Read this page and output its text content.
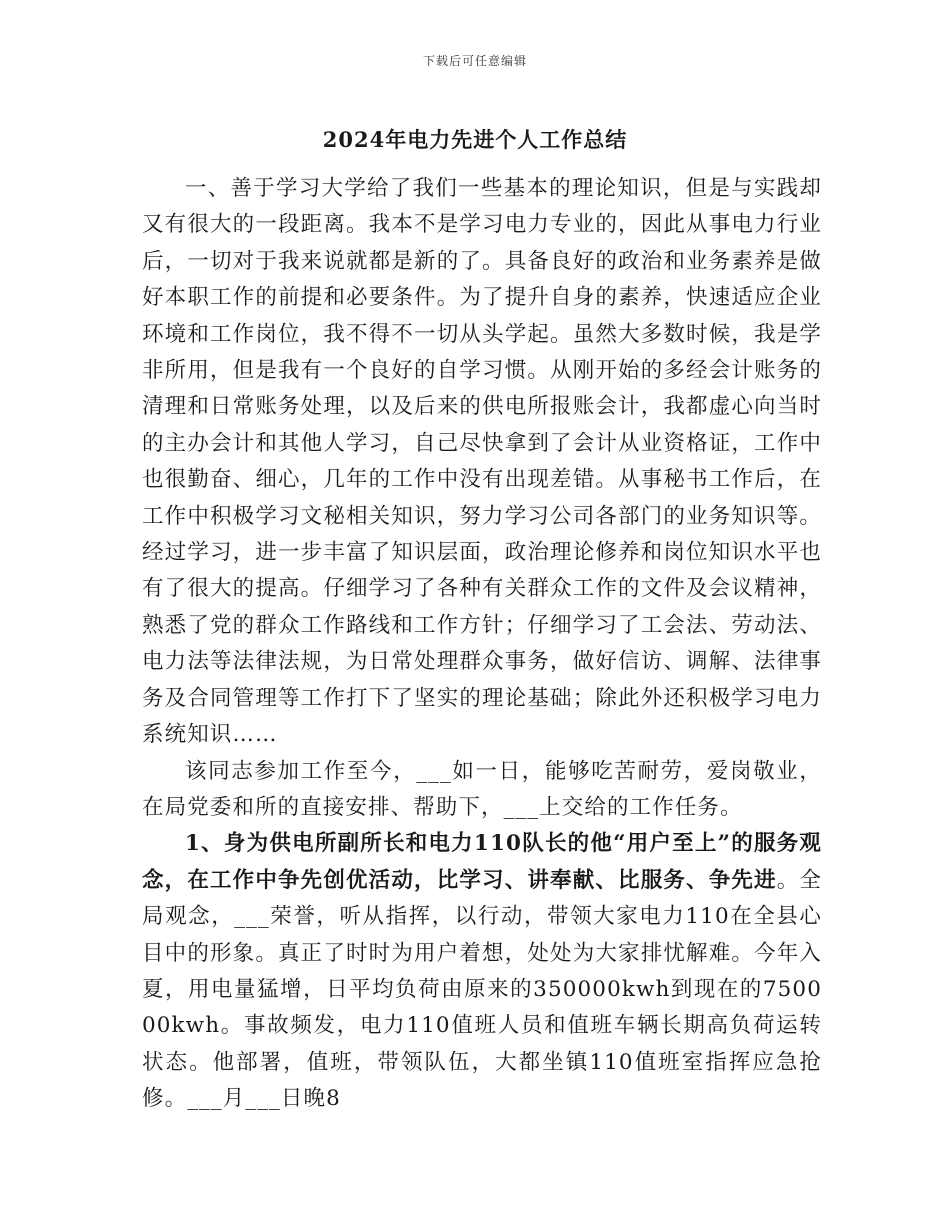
下载后可任意编辑
2024年电力先进个人工作总结

一、善于学习大学给了我们一些基本的理论知识，但是与实践却又有很大的一段距离。我本不是学习电力专业的，因此从事电力行业后，一切对于我来说就都是新的了。具备良好的政治和业务素养是做好本职工作的前提和必要条件。为了提升自身的素养，快速适应企业环境和工作岗位，我不得不一切从头学起。虽然大多数时候，我是学非所用，但是我有一个良好的自学习惯。从刚开始的多经会计账务的清理和日常账务处理，以及后来的供电所报账会计，我都虚心向当时的主办会计和其他人学习，自己尽快拿到了会计从业资格证，工作中也很勤奋、细心，几年的工作中没有出现差错。从事秘书工作后，在工作中积极学习文秘相关知识，努力学习公司各部门的业务知识等。经过学习，进一步丰富了知识层面，政治理论修养和岗位知识水平也有了很大的提高。仔细学习了各种有关群众工作的文件及会议精神，熟悉了党的群众工作路线和工作方针；仔细学习了工会法、劳动法、电力法等法律法规，为日常处理群众事务，做好信访、调解、法律事务及合同管理等工作打下了坚实的理论基础；除此外还积极学习电力系统知识……

该同志参加工作至今，___如一日，能够吃苦耐劳，爱岗敬业，在局党委和所的直接安排、帮助下，___上交给的工作任务。

1、身为供电所副所长和电力110队长的他“用户至上”的服务观念，在工作中争先创优活动，比学习、讲奉献、比服务、争先进。全局观念，___荣誉，听从指挥，以行动，带领大家电力110在全县心目中的形象。真正了时时为用户着想，处处为大家排忧解难。今年入夏，用电量猛增，日平均负荷由原来的350000kwh到现在的750000kwh。事故频发，电力110值班人员和值班车辆长期高负荷运转状态。他部署，值班，带领队伍，大都坐镇110值班室指挥应急抢修。___月___日晚8
